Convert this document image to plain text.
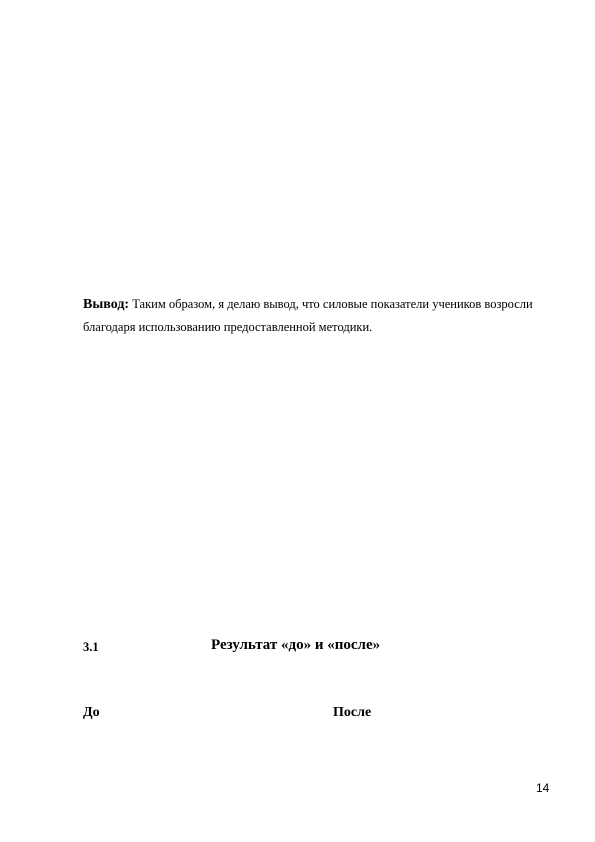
Вывод: Таким образом, я делаю вывод, что силовые показатели учеников возросли благодаря использованию предоставленной методики.

3.1	Результат «до» и «после»
До	После
14
